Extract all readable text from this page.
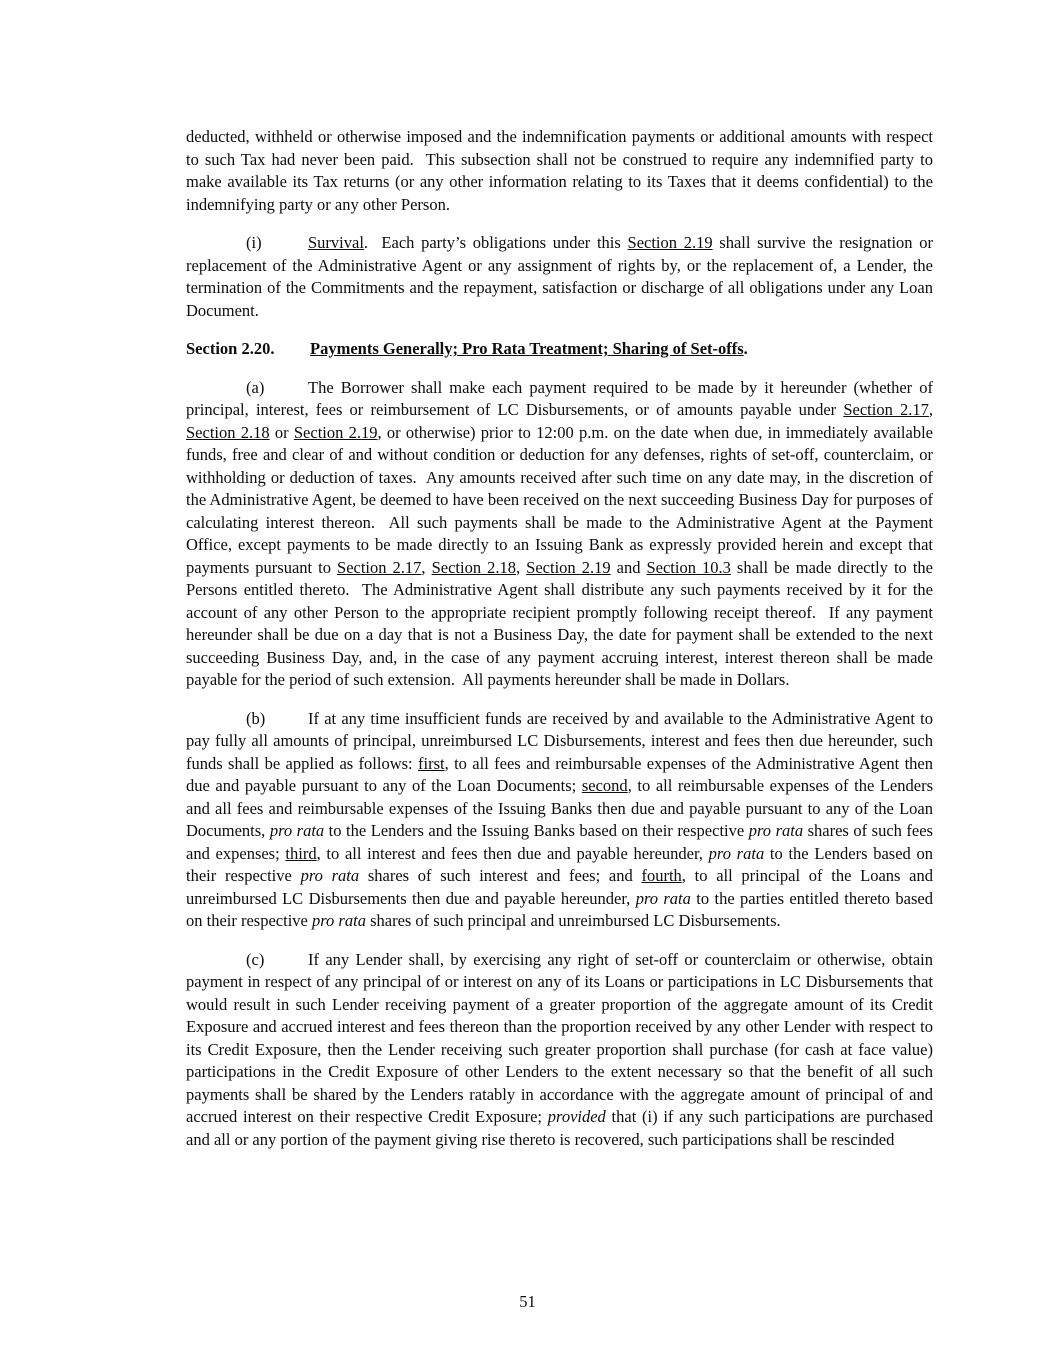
deducted, withheld or otherwise imposed and the indemnification payments or additional amounts with respect to such Tax had never been paid.  This subsection shall not be construed to require any indemnified party to make available its Tax returns (or any other information relating to its Taxes that it deems confidential) to the indemnifying party or any other Person.

(i)	Survival.  Each party’s obligations under this Section 2.19 shall survive the resignation or replacement of the Administrative Agent or any assignment of rights by, or the replacement of, a Lender, the termination of the Commitments and the repayment, satisfaction or discharge of all obligations under any Loan Document.

Section 2.20. Payments Generally; Pro Rata Treatment; Sharing of Set-offs.

(a)	The Borrower shall make each payment required to be made by it hereunder (whether of principal, interest, fees or reimbursement of LC Disbursements, or of amounts payable under Section 2.17, Section 2.18 or Section 2.19, or otherwise) prior to 12:00 p.m. on the date when due, in immediately available funds, free and clear of and without condition or deduction for any defenses, rights of set-off, counterclaim, or withholding or deduction of taxes.  Any amounts received after such time on any date may, in the discretion of the Administrative Agent, be deemed to have been received on the next succeeding Business Day for purposes of calculating interest thereon.  All such payments shall be made to the Administrative Agent at the Payment Office, except payments to be made directly to an Issuing Bank as expressly provided herein and except that payments pursuant to Section 2.17, Section 2.18, Section 2.19 and Section 10.3 shall be made directly to the Persons entitled thereto.  The Administrative Agent shall distribute any such payments received by it for the account of any other Person to the appropriate recipient promptly following receipt thereof.  If any payment hereunder shall be due on a day that is not a Business Day, the date for payment shall be extended to the next succeeding Business Day, and, in the case of any payment accruing interest, interest thereon shall be made payable for the period of such extension.  All payments hereunder shall be made in Dollars.

(b)	If at any time insufficient funds are received by and available to the Administrative Agent to pay fully all amounts of principal, unreimbursed LC Disbursements, interest and fees then due hereunder, such funds shall be applied as follows: first, to all fees and reimbursable expenses of the Administrative Agent then due and payable pursuant to any of the Loan Documents; second, to all reimbursable expenses of the Lenders and all fees and reimbursable expenses of the Issuing Banks then due and payable pursuant to any of the Loan Documents, pro rata to the Lenders and the Issuing Banks based on their respective pro rata shares of such fees and expenses; third, to all interest and fees then due and payable hereunder, pro rata to the Lenders based on their respective pro rata shares of such interest and fees; and fourth, to all principal of the Loans and unreimbursed LC Disbursements then due and payable hereunder, pro rata to the parties entitled thereto based on their respective pro rata shares of such principal and unreimbursed LC Disbursements.

(c)	If any Lender shall, by exercising any right of set-off or counterclaim or otherwise, obtain payment in respect of any principal of or interest on any of its Loans or participations in LC Disbursements that would result in such Lender receiving payment of a greater proportion of the aggregate amount of its Credit Exposure and accrued interest and fees thereon than the proportion received by any other Lender with respect to its Credit Exposure, then the Lender receiving such greater proportion shall purchase (for cash at face value) participations in the Credit Exposure of other Lenders to the extent necessary so that the benefit of all such payments shall be shared by the Lenders ratably in accordance with the aggregate amount of principal of and accrued interest on their respective Credit Exposure; provided that (i) if any such participations are purchased and all or any portion of the payment giving rise thereto is recovered, such participations shall be rescinded

51
